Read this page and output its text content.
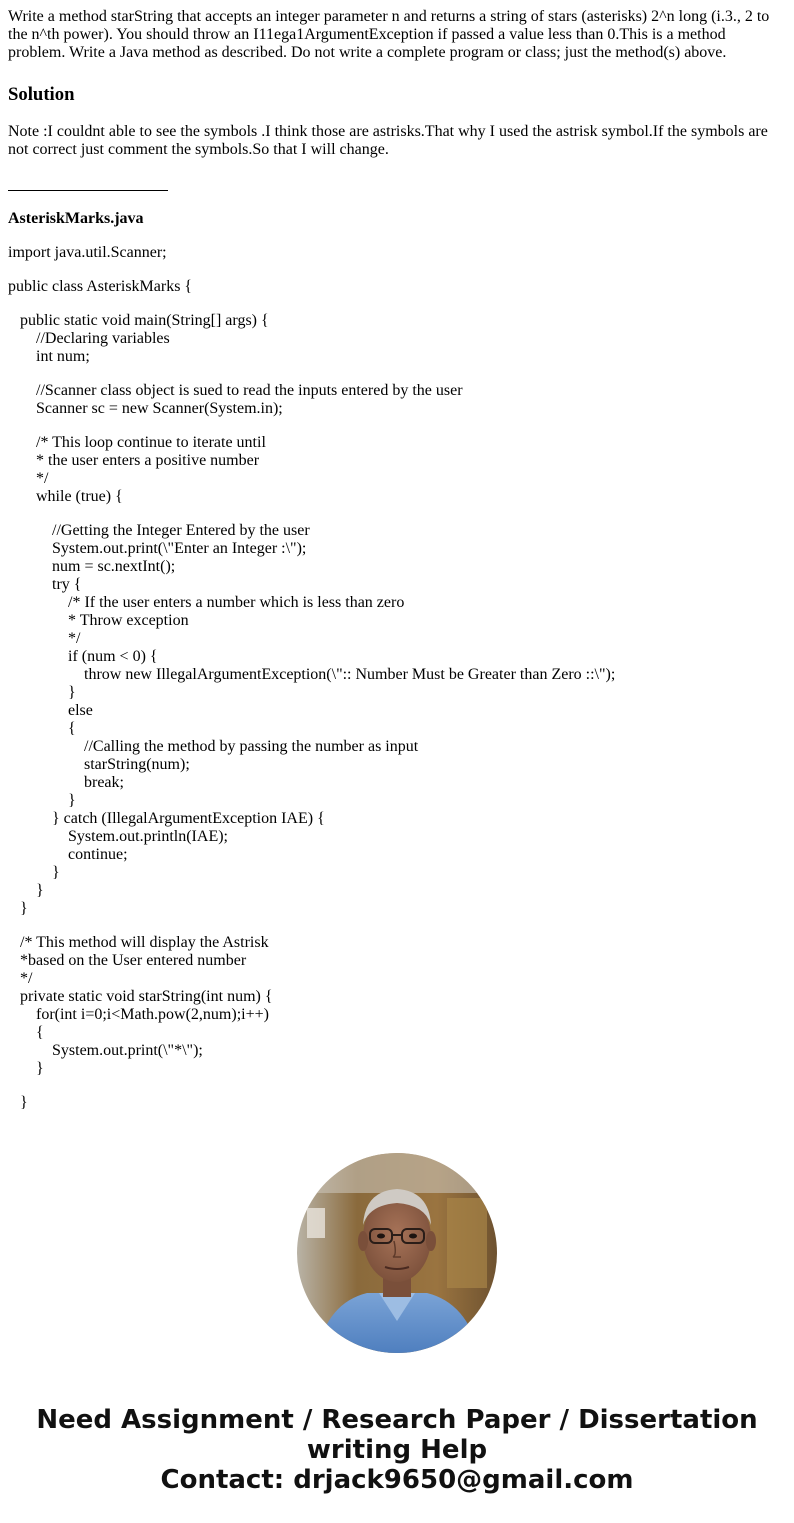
Write a method starString that accepts an integer parameter n and returns a string of stars (asterisks) 2^n long (i.3., 2 to the n^th power). You should throw an I11ega1ArgumentException if passed a value less than 0.This is a method problem. Write a Java method as described. Do not write a complete program or class; just the method(s) above.

Solution

Note :I couldnt able to see the symbols .I think those are astrisks.That why I used the astrisk symbol.If the symbols are not correct just comment the symbols.So that I will change.

AsteriskMarks.java

import java.util.Scanner;
public class AsteriskMarks {
public static void main(String[] args) {
//Declaring variables
int num;
//Scanner class object is sued to read the inputs entered by the user
Scanner sc = new Scanner(System.in);
/* This loop continue to iterate until
* the user enters a positive number
*/
while (true) {
//Getting the Integer Entered by the user
System.out.print(\"Enter an Integer :\");
num = sc.nextInt();
try {
/* If the user enters a number which is less than zero
* Throw exception
*/
if (num < 0) {
throw new IllegalArgumentException(\":: Number Must be Greater than Zero ::\");
}
else
{
//Calling the method by passing the number as input
starString(num);
break;
}
} catch (IllegalArgumentException IAE) {
System.out.println(IAE);
continue;
}
}
}
/* This method will display the Astrisk
*based on the User entered number
*/
private static void starString(int num) {
for(int i=0;i<Math.pow(2,num);i++)
{
System.out.print(\"*\");
}
}
Need Assignment / Research Paper / Dissertation
writing Help
Contact: drjack9650@gmail.com
